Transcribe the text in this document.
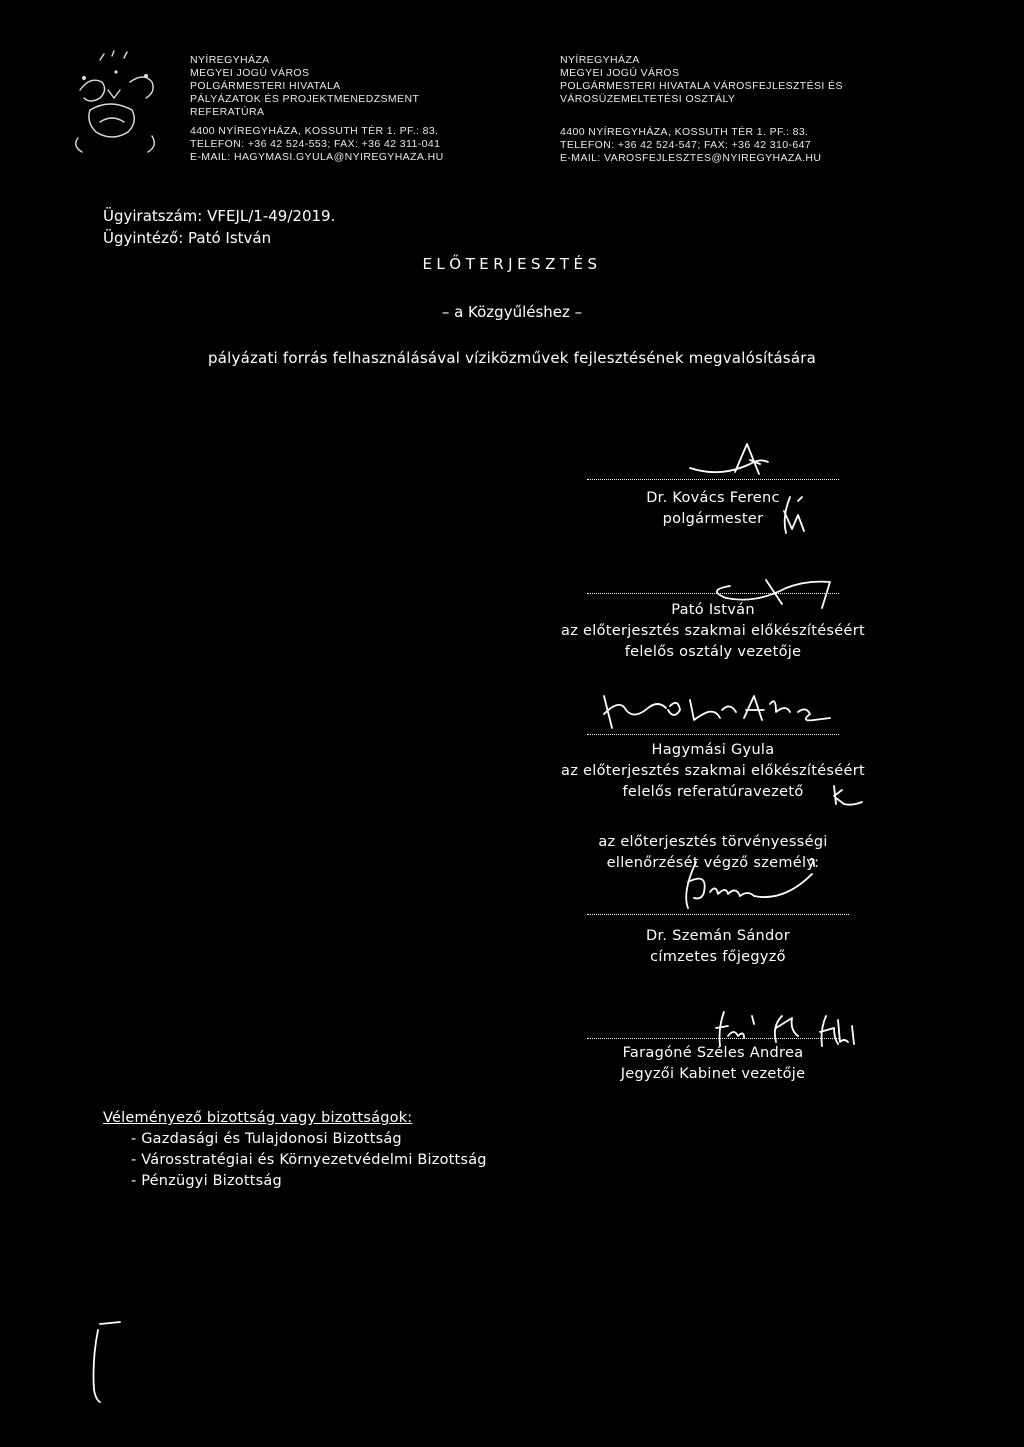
NYÍREGYHÁZA
MEGYEI JOGÚ VÁROS
POLGÁRMESTERI HIVATALA
PÁLYÁZATOK ÉS PROJEKTMENEDZSMENT
REFERATÚRA
4400 NYÍREGYHÁZA, KOSSUTH TÉR 1. PF.: 83.
TELEFON: +36 42 524-553; FAX: +36 42 311-041
E-MAIL: HAGYMASI.GYULA@NYIREGYHAZA.HU
NYÍREGYHÁZA
MEGYEI JOGÚ VÁROS
POLGÁRMESTERI HIVATALA VÁROSFEJLESZTÉSI ÉS
VÁROSÜZEMELTETÉSI OSZTÁLY
4400 NYÍREGYHÁZA, KOSSUTH TÉR 1. PF.: 83.
TELEFON: +36 42 524-547; FAX: +36 42 310-647
E-MAIL: VAROSFEJLESZTES@NYIREGYHAZA.HU
Ügyiratszám: VFEJL/1-49/2019.
Ügyintéző: Pató István
ELŐTERJESZTÉS
– a Közgyűléshez –
pályázati forrás felhasználásával víziközművek fejlesztésének megvalósítására
Dr. Kovács Ferenc
polgármester
Pató István
az előterjesztés szakmai előkészítéséért
felelős osztály vezetője
Hagymási Gyula
az előterjesztés szakmai előkészítéséért
felelős referatúravezető
az előterjesztés törvényességi
ellenőrzését végző személy:
Dr. Szemán Sándor
címzetes főjegyző
Faragóné Széles Andrea
Jegyzői Kabinet vezetője
Véleményező bizottság vagy bizottságok:
- Gazdasági és Tulajdonosi Bizottság
- Városstratégiai és Környezetvédelmi Bizottság
- Pénzügyi Bizottság
